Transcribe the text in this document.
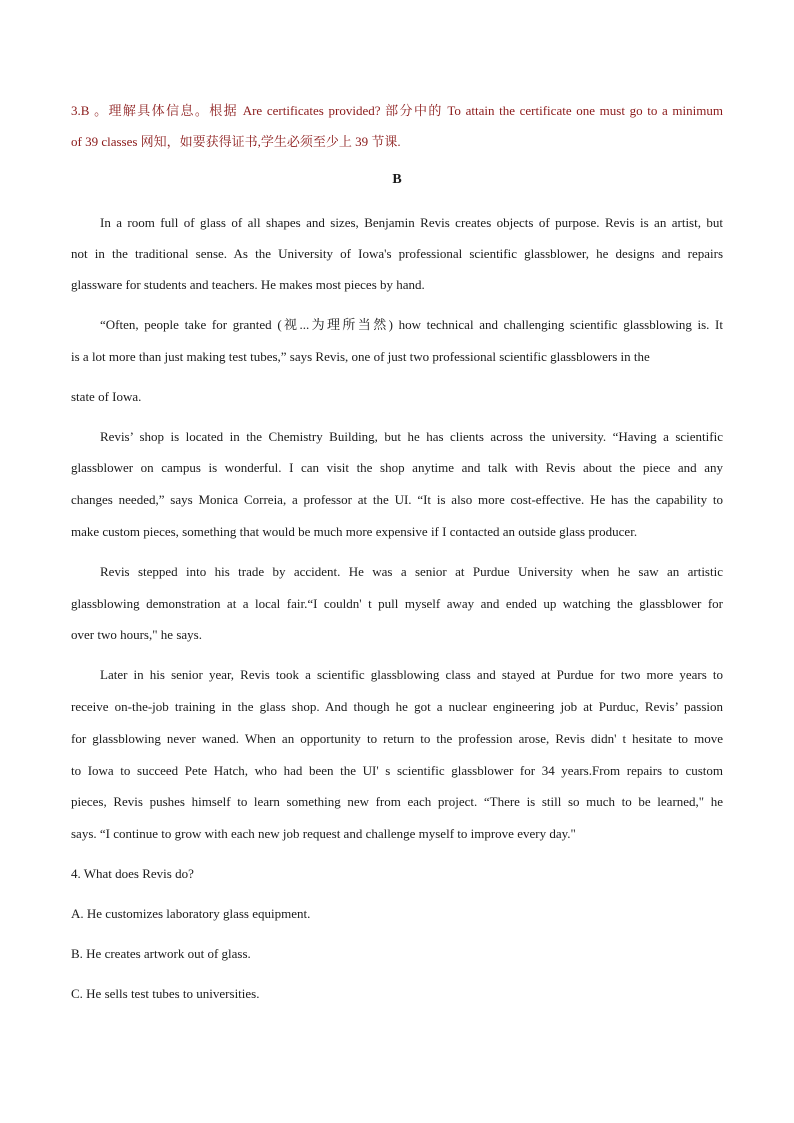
3.B 。理解具体信息。根据 Are certificates provided? 部分中的 To attain the certificate one must go to a minimum
of 39 classes 网知，如要获得证书,学生必须至少上 39 节课.
B
In a room full of glass of all shapes and sizes, Benjamin Revis creates objects of purpose. Revis is an artist, but
not in the traditional sense. As the University of Iowa's professional scientific glassblower, he designs and repairs
glassware for students and teachers. He makes most pieces by hand.
“Often, people take for granted (视...为理所当然) how technical and challenging scientific glassblowing is. It
is a lot more than just making test tubes,” says Revis, one of just two professional scientific glassblowers in the
state of Iowa.
Revis’ shop is located in the Chemistry Building, but he has clients across the university. “Having a scientific
glassblower on campus is wonderful. I can visit the shop anytime and talk with Revis about the piece and any
changes needed,” says Monica Correia, a professor at the UI. “It is also more cost-effective. He has the capability to
make custom pieces, something that would be much more expensive if I contacted an outside glass producer.
Revis stepped into his trade by accident. He was a senior at Purdue University when he saw an artistic
glassblowing demonstration at a local fair.“I couldn' t pull myself away and ended up watching the glassblower for
over two hours," he says.
Later in his senior year, Revis took a scientific glassblowing class and stayed at Purdue for two more years to
receive on-the-job training in the glass shop. And though he got a nuclear engineering job at Purduc, Revis’ passion
for glassblowing never waned. When an opportunity to return to the profession arose, Revis didn' t hesitate to move
to Iowa to succeed Pete Hatch, who had been the UI' s scientific glassblower for 34 years.From repairs to custom
pieces, Revis pushes himself to learn something new from each project. “There is still so much to be learned," he
says. “I continue to grow with each new job request and challenge myself to improve every day."
4. What does Revis do?
A. He customizes laboratory glass equipment.
B. He creates artwork out of glass.
C. He sells test tubes to universities.
